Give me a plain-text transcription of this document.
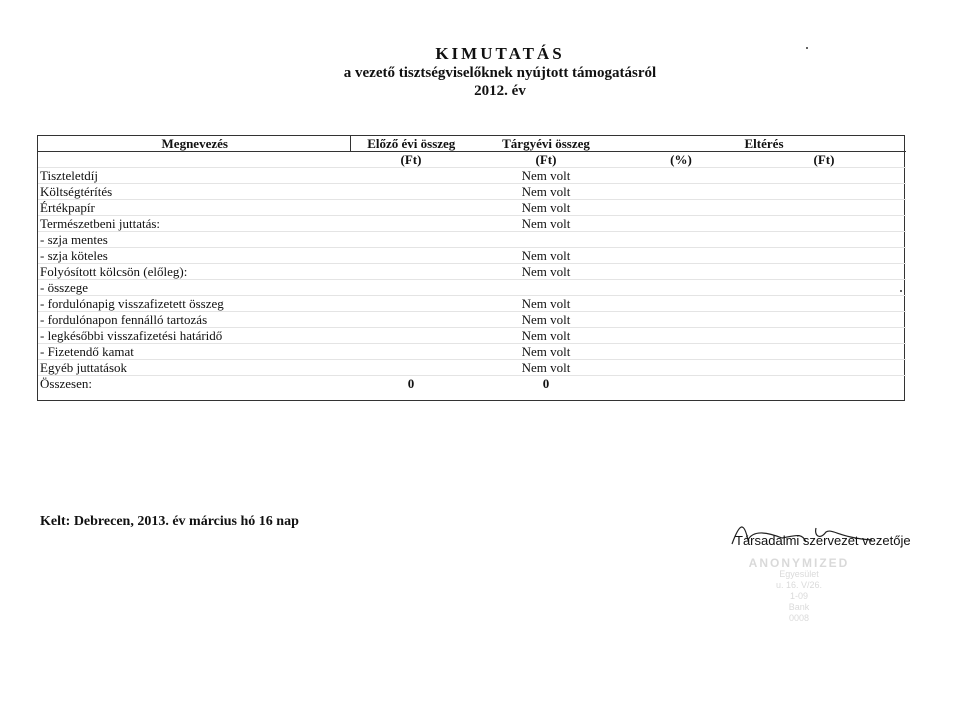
KIMUTATÁS
a vezető tisztségviselőknek nyújtott támogatásról
2012. év
Megnevezés	Előző évi összeg	Tárgyévi összeg	Eltérés	
	(Ft)	(Ft)	(%)	(Ft)
Tiszteletdíj		Nem volt		
Költségtérítés		Nem volt		
Értékpapír		Nem volt		
Természetbeni juttatás:		Nem volt		
- szja mentes				
- szja köteles		Nem volt		
Folyósított kölcsön (előleg):		Nem volt		
- összege				
- fordulónapig visszafizetett összeg		Nem volt		
- fordulónapon fennálló tartozás		Nem volt		
- legkésőbbi visszafizetési határidő		Nem volt		
- Fizetendő kamat		Nem volt		
Egyéb juttatások		Nem volt		
Összesen:	0	0		
Kelt: Debrecen, 2013. év március hó 16 nap
Társadalmi szervezet vezetője
ANONYMIZED
Egyesület
u. 16. V/26.
1-09
Bank
0008
